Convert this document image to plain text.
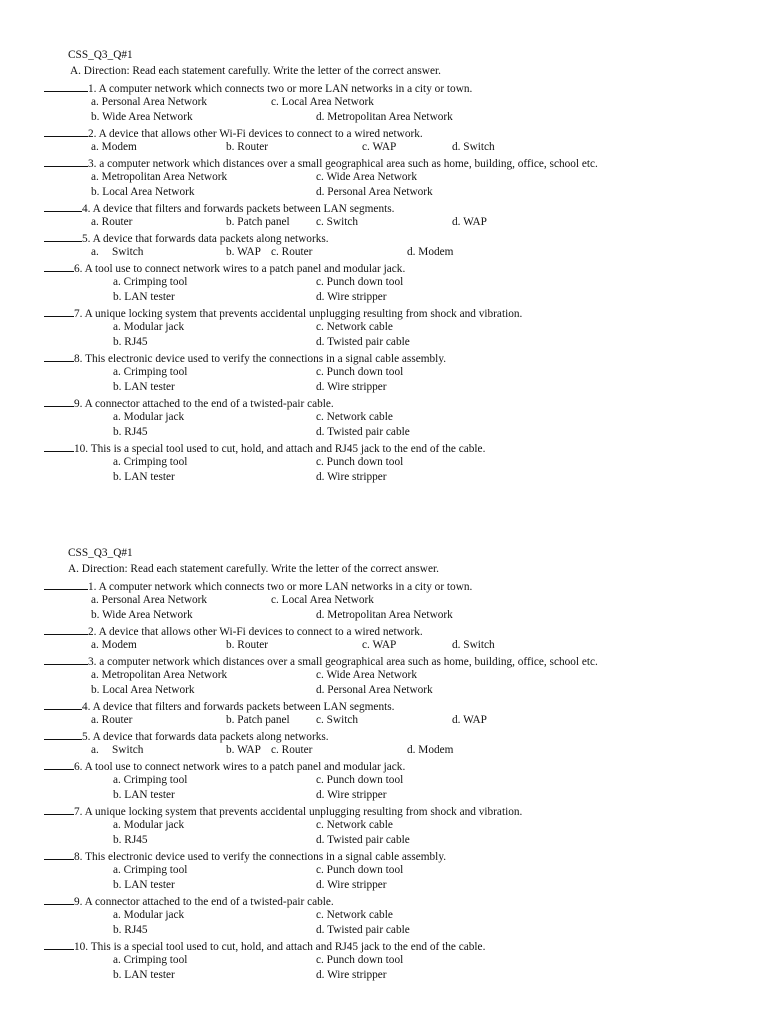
CSS_Q3_Q#1
A. Direction: Read each statement carefully. Write the letter of the correct answer.
1. A computer network which connects two or more LAN networks in a city or town.
a. Personal Area Network	c. Local Area Network
b. Wide Area Network	d. Metropolitan Area Network
2. A device that allows other Wi-Fi devices to connect to a wired network.
a. Modem	b. Router	c. WAP	d. Switch
3. a computer network which distances over a small geographical area such as home, building, office, school etc.
a. Metropolitan Area Network	c. Wide Area Network
b. Local Area Network	d. Personal Area Network
4. A device that filters and forwards packets between LAN segments.
a. Router	b. Patch panel c. Switch	d. WAP
5. A device that forwards data packets along networks.
a. Switch	b. WAP c. Router	d. Modem
6. A tool use to connect network wires to a patch panel and modular jack.
a. Crimping tool	c. Punch down tool
b. LAN tester	d. Wire stripper
7. A unique locking system that prevents accidental unplugging resulting from shock and vibration.
a. Modular jack	c. Network cable
b. RJ45	d. Twisted pair cable
8. This electronic device used to verify the connections in a signal cable assembly.
a. Crimping tool	c. Punch down tool
b. LAN tester	d. Wire stripper
9. A connector attached to the end of a twisted-pair cable.
a. Modular jack	c. Network cable
b. RJ45	d. Twisted pair cable
10. This is a special tool used to cut, hold, and attach and RJ45 jack to the end of the cable.
a. Crimping tool	c. Punch down tool
b. LAN tester	d. Wire stripper
CSS_Q3_Q#1
A. Direction: Read each statement carefully. Write the letter of the correct answer.
1. A computer network which connects two or more LAN networks in a city or town.
a. Personal Area Network	c. Local Area Network
b. Wide Area Network	d. Metropolitan Area Network
2. A device that allows other Wi-Fi devices to connect to a wired network.
a. Modem	b. Router	c. WAP	d. Switch
3. a computer network which distances over a small geographical area such as home, building, office, school etc.
a. Metropolitan Area Network	c. Wide Area Network
b. Local Area Network	d. Personal Area Network
4. A device that filters and forwards packets between LAN segments.
a. Router	b. Patch panel c. Switch	d. WAP
5. A device that forwards data packets along networks.
a. Switch	b. WAP c. Router	d. Modem
6. A tool use to connect network wires to a patch panel and modular jack.
a. Crimping tool	c. Punch down tool
b. LAN tester	d. Wire stripper
7. A unique locking system that prevents accidental unplugging resulting from shock and vibration.
a. Modular jack	c. Network cable
b. RJ45	d. Twisted pair cable
8. This electronic device used to verify the connections in a signal cable assembly.
a. Crimping tool	c. Punch down tool
b. LAN tester	d. Wire stripper
9. A connector attached to the end of a twisted-pair cable.
a. Modular jack	c. Network cable
b. RJ45	d. Twisted pair cable
10. This is a special tool used to cut, hold, and attach and RJ45 jack to the end of the cable.
a. Crimping tool	c. Punch down tool
b. LAN tester	d. Wire stripper
